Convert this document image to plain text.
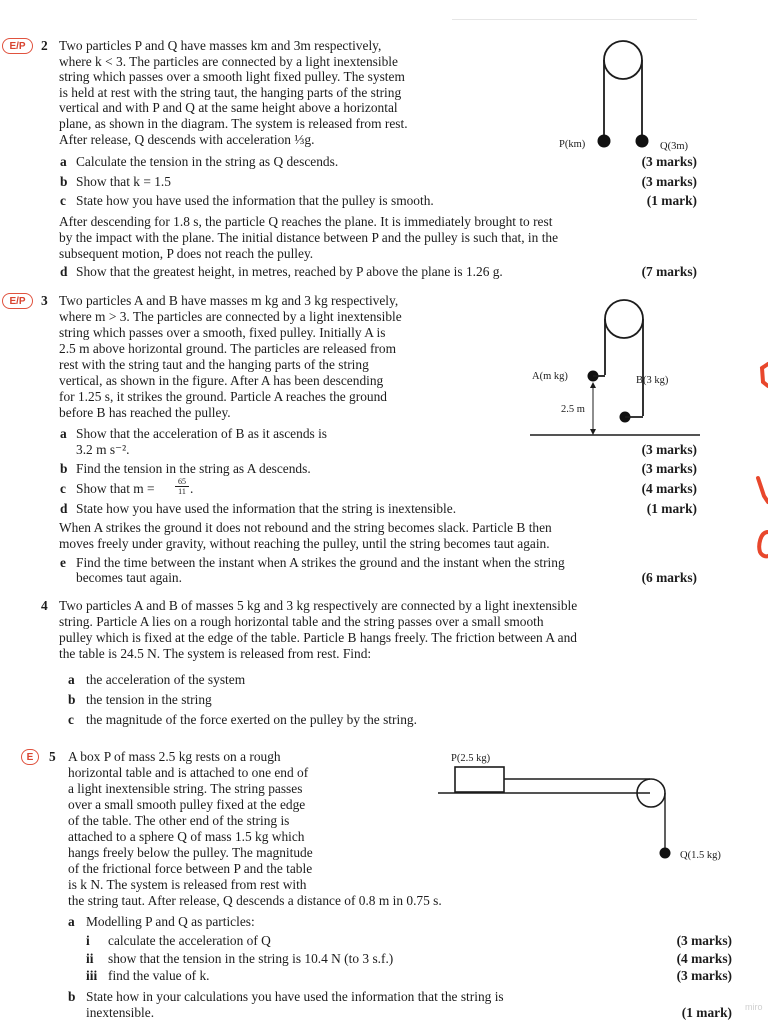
E/P	2 Two particles P and Q have masses km and 3m respectively,
where k < 3. The particles are connected by a light inextensible
string which passes over a smooth light fixed pulley. The system
is held at rest with the string taut, the hanging parts of the string
vertical and with P and Q at the same height above a horizontal
plane, as shown in the diagram. The system is released from rest.
After release, Q descends with acceleration ⅓g.	P(km)	Q(3m)
a Calculate the tension in the string as Q descends.	(3 marks)
b Show that k = 1.5	(3 marks)
c State how you have used the information that the pulley is smooth.	(1 mark)
After descending for 1.8 s, the particle Q reaches the plane. It is immediately brought to rest
by the impact with the plane. The initial distance between P and the pulley is such that, in the
subsequent motion, P does not reach the pulley.
d Show that the greatest height, in metres, reached by P above the plane is 1.26 g.	(7 marks)
E/P	3 Two particles A and B have masses m kg and 3 kg respectively,
where m > 3. The particles are connected by a light inextensible
string which passes over a smooth, fixed pulley. Initially A is
2.5 m above horizontal ground. The particles are released from
rest with the string taut and the hanging parts of the string
vertical, as shown in the figure. After A has been descending
for 1.25 s, it strikes the ground. Particle A reaches the ground
before B has reached the pulley.
A(m kg)	B(3 kg)
2.5 m
a Show that the acceleration of B as it ascends is
3.2 m s⁻².	(3 marks)
b Find the tension in the string as A descends.	(3 marks)
c Show that m =	$\frac{65}{11}$ .	(4 marks)
d State how you have used the information that the string is inextensible.	(1 mark)
When A strikes the ground it does not rebound and the string becomes slack. Particle B then
moves freely under gravity, without reaching the pulley, until the string becomes taut again.
e Find the time between the instant when A strikes the ground and the instant when the string
becomes taut again.	(6 marks)
4 Two particles A and B of masses 5 kg and 3 kg respectively are connected by a light inextensible
string. Particle A lies on a rough horizontal table and the string passes over a small smooth
pulley which is fixed at the edge of the table. Particle B hangs freely. The friction between A and
the table is 24.5 N. The system is released from rest. Find:
a the acceleration of the system
b the tension in the string
c the magnitude of the force exerted on the pulley by the string.
E	5 A box P of mass 2.5 kg rests on a rough
horizontal table and is attached to one end of
a light inextensible string. The string passes
over a small smooth pulley fixed at the edge
of the table. The other end of the string is
attached to a sphere Q of mass 1.5 kg which
hangs freely below the pulley. The magnitude
of the frictional force between P and the table
is k N. The system is released from rest with
the string taut. After release, Q descends a distance of 0.8 m in 0.75 s.
P(2.5 kg)
Q(1.5 kg)
a Modelling P and Q as particles:
i calculate the acceleration of Q	(3 marks)
ii show that the tension in the string is 10.4 N (to 3 s.f.)	(4 marks)
iii find the value of k.	(3 marks)
b State how in your calculations you have used the information that the string is
inextensible.	(1 mark) miro
